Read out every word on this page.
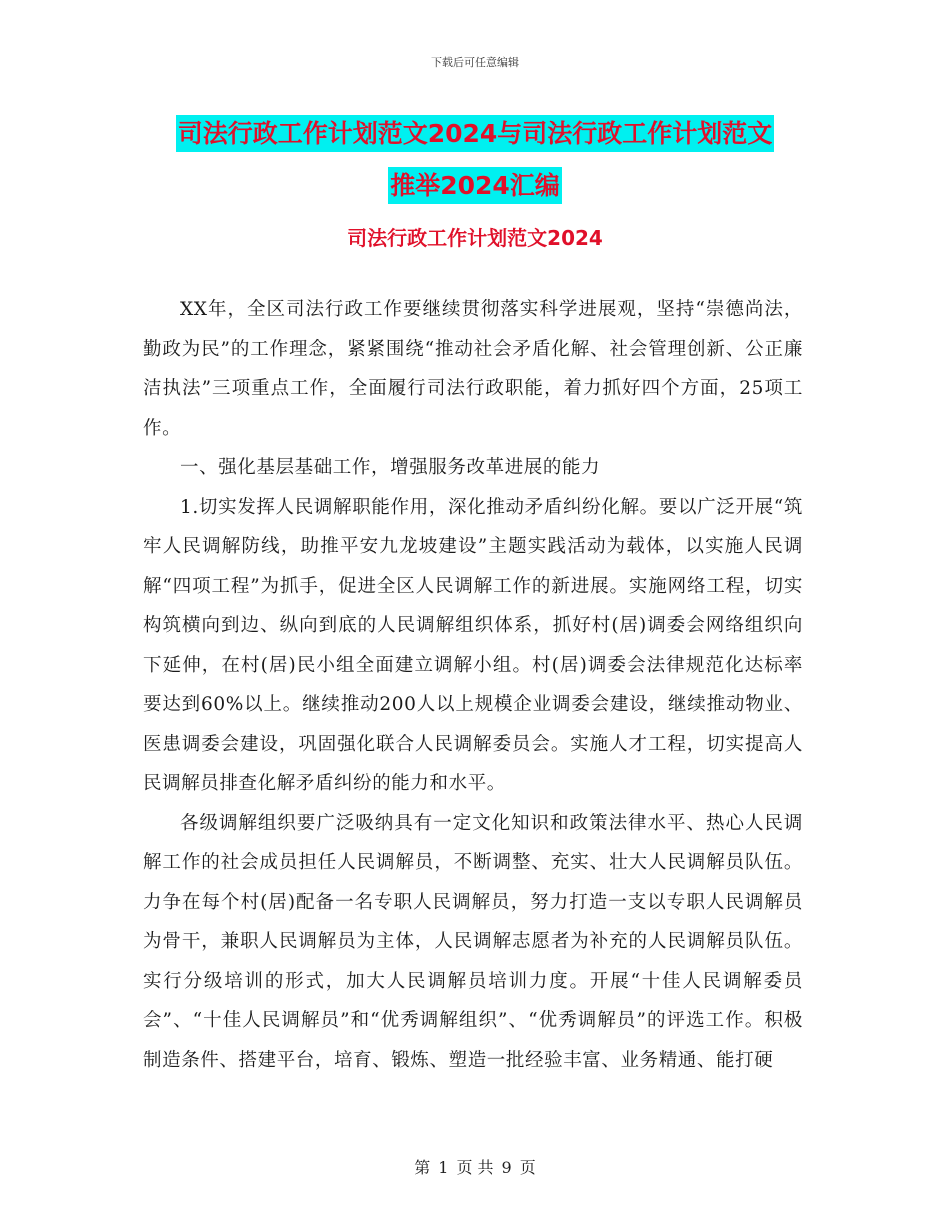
下载后可任意编辑
司法行政工作计划范文2024与司法行政工作计划范文
推举2024汇编
司法行政工作计划范文2024

XX年，全区司法行政工作要继续贯彻落实科学进展观，坚持“崇德尚法，勤政为民”的工作理念，紧紧围绕“推动社会矛盾化解、社会管理创新、公正廉洁执法”三项重点工作，全面履行司法行政职能，着力抓好四个方面，25项工作。

一、强化基层基础工作，增强服务改革进展的能力

1.切实发挥人民调解职能作用，深化推动矛盾纠纷化解。要以广泛开展“筑牢人民调解防线，助推平安九龙坡建设”主题实践活动为载体，以实施人民调解“四项工程”为抓手，促进全区人民调解工作的新进展。实施网络工程，切实构筑横向到边、纵向到底的人民调解组织体系，抓好村(居)调委会网络组织向下延伸，在村(居)民小组全面建立调解小组。村(居)调委会法律规范化达标率要达到60%以上。继续推动200人以上规模企业调委会建设，继续推动物业、医患调委会建设，巩固强化联合人民调解委员会。实施人才工程，切实提高人民调解员排查化解矛盾纠纷的能力和水平。

各级调解组织要广泛吸纳具有一定文化知识和政策法律水平、热心人民调解工作的社会成员担任人民调解员，不断调整、充实、壮大人民调解员队伍。力争在每个村(居)配备一名专职人民调解员，努力打造一支以专职人民调解员为骨干，兼职人民调解员为主体，人民调解志愿者为补充的人民调解员队伍。实行分级培训的形式，加大人民调解员培训力度。开展“十佳人民调解委员会”、“十佳人民调解员”和“优秀调解组织”、“优秀调解员”的评选工作。积极制造条件、搭建平台，培育、锻炼、塑造一批经验丰富、业务精通、能打硬

第 1 页 共 9 页
